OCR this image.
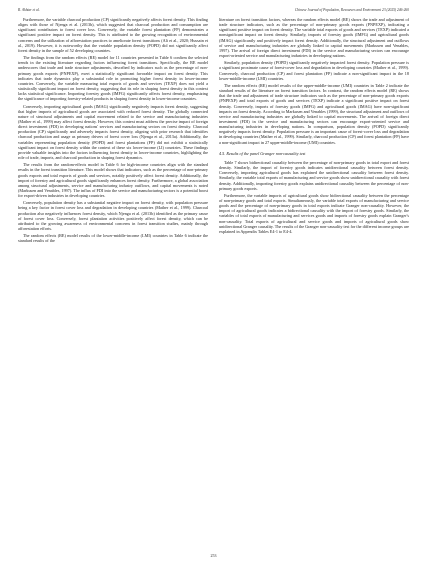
R. Akhtar et al.	Chinese Journal of Population, Resources and Environment 23 (2025) 246-260

Furthermore, the variable charcoal production (CP) significantly negatively affects forest density. This finding aligns with those of Njenga et al. (2013b), which suggested that charcoal production and consumption are significant contributors to forest cover loss. Conversely, the variable forest plantation (FP) demonstrates a significant positive impact on forest density. This is attributed to the growing recognition of environmental concerns and the utilization of afforestation practices to ameliorate forest transitions (Ali et al., 2020; Hussain et al., 2019). However, it is noteworthy that the variable population density (POPD) did not significantly affect forest density in the sample of 52 developing countries.

The findings from the random effects (RE) model for 11 countries presented in Table 6 confirm the selected trends in the existing literature regarding factors influencing forest transitions. Specifically, the RE model underscores that trade and trade structure adjustments, described by indicators such as the percentage of non-primary goods exports (PNPEXP), exert a statistically significant favorable impact on forest density. This indicates that trade dynamics play a substantial role in promoting higher forest density in lower-income countries. Conversely, the variable measuring total exports of goods and services (TEXP) does not yield a statistically significant impact on forest density, suggesting that its role in shaping forest density in this context lacks statistical significance. Importing forestry goods (IMFG) significantly affects forest density, emphasizing the significance of importing forestry-related products in shaping forest density in lower-income countries.

Conversely, importing agricultural goods (IMAG) significantly negatively impacts forest density, suggesting that higher imports of agricultural goods are associated with reduced forest density. The globally connected nature of structural adjustments and capital movement related to the service and manufacturing industries (Mather et al., 1999) may affect forest density. However, this context must address the precise impact of foreign direct investment (FDI) in developing nations' services and manufacturing sectors on forest density. Charcoal production (CP) significantly and adversely impacts forest density, aligning with prior research that identifies charcoal production and usage as primary drivers of forest cover loss (Njenga et al., 2013a). Additionally, the variables representing population density (POPD) and forest plantations (FP) did not exhibit a statistically significant impact on forest density within the context of these six lower-income (LI) countries. These findings provide valuable insights into the factors influencing forest density in lower-income countries, highlighting the role of trade, imports, and charcoal production in shaping forest dynamics.

The results from the random-effects model in Table 6 for high-income countries align with the standard results in the forest transition literature. This model shows that indicators, such as the percentage of non-primary goods exports and total exports of goods and services, notably positively affect forest density. Additionally, the import of forestry and agricultural goods significantly enhances forest density. Furthermore, a global association among structural adjustments, service and manufacturing industry outflows, and capital movements is noted (Markusen and Venables, 1997). The influx of FDI into the service and manufacturing sectors is a potential boost for export-driven industries in developing countries.

Conversely, population density has a substantial negative impact on forest density, with population pressure being a key factor in forest cover loss and degradation in developing countries (Mather et al., 1999). Charcoal production also negatively influences forest density, which Njenga et al. (2013b) identified as the primary cause of forest cover loss. Conversely, forest plantation activities positively affect forest density, which can be attributed to the growing awareness of environmental concerns in forest transition studies, mainly through afforestation efforts.

The random effects (RE) model results of the lower-middle-income (LMI) countries in Table 6 indicate the standard results of the

literature on forest transition factors, whereas the random effects model (RE) shows the trade and adjustment of trade structure indicators, such as the percentage of non-primary goods exports (PNPEXP), indicating a significant positive impact on forest density. The variable total exports of goods and services (TEXP) indicated a nonsignificant impact on forest density. Similarly, imports of forestry goods (IMFG) and agricultural goods (IMAG) significantly and positively impact forest density. Additionally, the structural adjustment and outflows of service and manufacturing industries are globally linked to capital movements (Markusen and Venables, 1997). The arrival of foreign direct investment (FDI) in the service and manufacturing sectors can encourage export-oriented service and manufacturing industries in developing nations.

Similarly, population density (POPD) significantly negatively impacted forest density. Population pressure is a significant proximate cause of forest-cover loss and degradation in developing countries (Mather et al., 1999). Conversely, charcoal production (CP) and forest plantation (FP) indicate a non-significant impact in the 18 lower-middle-income (LMI) countries.

The random effects (RE) model results of the upper-middle-income (UMI) countries in Table 2 indicate the standard results of the literature on forest transition factors. In contrast, the random effects model (RE) shows that the trade and adjustment of trade structure indicators such as the percentage of non-primary goods exports (PNPEXP) and total exports of goods and services (TEXP) indicate a significant positive impact on forest density. Conversely, imports of forestry goods (IMFG) and agricultural goods (IMAG) have non-significant impacts on forest density. According to Markusen and Venables (1999), the structural adjustment and outflows of service and manufacturing industries are globally linked to capital movements. The arrival of foreign direct investment (FDI) in the service and manufacturing sectors can encourage export-oriented service and manufacturing industries in developing nations. In comparison, population density (POPD) significantly negatively impacts forest density. Population pressure is an important cause of forest-cover loss and degradation in developing countries (Mather et al., 1999). Similarly, charcoal production (CP) and forest plantation (FP) have a non-significant impact in 27 upper-middle-income (UMI) countries.

4.5. Results of the panel Granger non-causality test

Table 7 shows bidirectional causality between the percentage of non-primary goods in total export and forest density. Similarly, the import of forestry goods indicates unidirectional causality between forest density. Conversely, importing agricultural goods has explained the unidirectional causality between forest density. Similarly, the variable total exports of manufacturing and service goods show unidirectional causality with forest density. Additionally, importing forestry goods explains unidirectional causality between the percentage of non-primary goods exports.

Furthermore, the variable imports of agricultural goods show bidirectional causality between the percentage of non-primary goods and total exports. Simultaneously, the variable total exports of manufacturing and service goods and the percentage of non-primary goods in total exports indicate Granger non-causality. However, the import of agricultural goods indicates a bidirectional causality with the import of forestry goods. Similarly, the variables of total exports of manufacturing and services goods and imports of forestry goods explain Granger's non-causality. Total exports of agricultural and service goods and imports of agricultural goods show unidirectional Granger causality. The results of the Granger non-causality test for the different income groups are explained in Appendix Tables E4-1 to E4-4.

253
